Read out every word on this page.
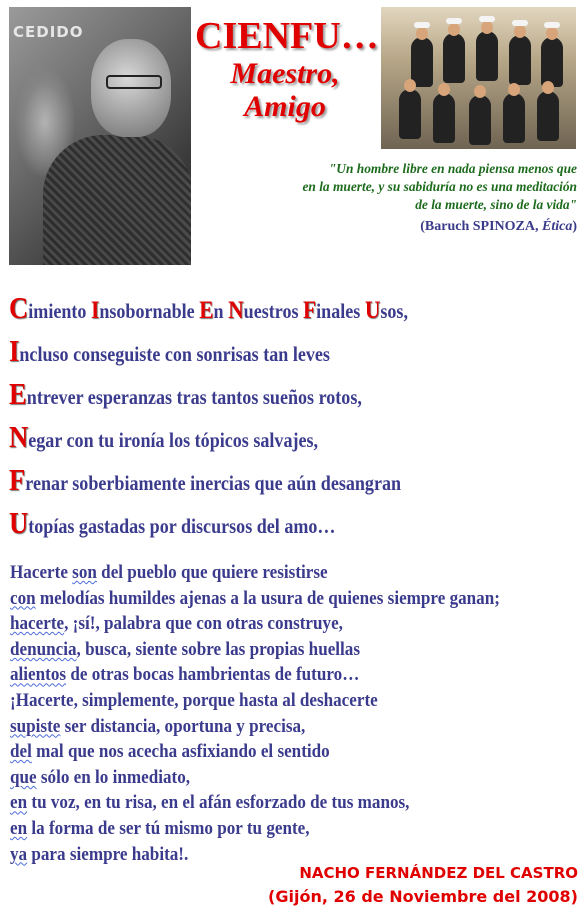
CEDIDO	CIENFU…
Maestro,
Amigo
"Un hombre libre en nada piensa menos que
en la muerte, y su sabiduría no es una meditación
de la muerte, sino de la vida"
(Baruch SPINOZA, Ética)
Cimiento Insobornable En Nuestros Finales Usos,
Incluso conseguiste con sonrisas tan leves
Entrever esperanzas tras tantos sueños rotos,
Negar con tu ironía los tópicos salvajes,
Frenar soberbiamente inercias que aún desangran
Utopías gastadas por discursos del amo…
Hacerte son del pueblo que quiere resistirse
con melodías humildes ajenas a la usura de quienes siempre ganan;
hacerte, ¡sí!, palabra que con otras construye,
denuncia, busca, siente sobre las propias huellas
alientos de otras bocas hambrientas de futuro…
¡Hacerte, simplemente, porque hasta al deshacerte
supiste ser distancia, oportuna y precisa,
del mal que nos acecha asfixiando el sentido
que sólo en lo inmediato,
en tu voz, en tu risa, en el afán esforzado de tus manos,
en la forma de ser tú mismo por tu gente,
ya para siempre habita!.
NACHO FERNÁNDEZ DEL CASTRO
(Gijón, 26 de Noviembre del 2008)
